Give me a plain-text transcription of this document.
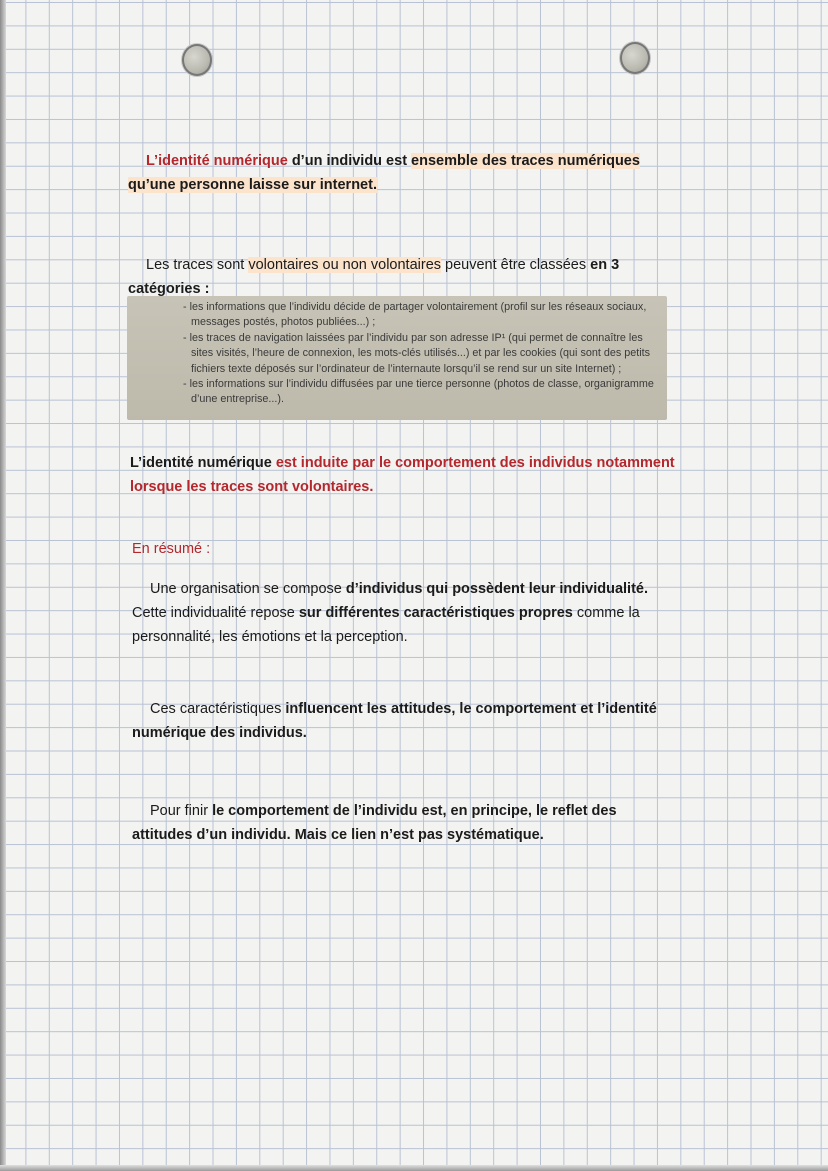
L’identité numérique d’un individu est ensemble des traces numériques qu’une personne laisse sur internet.

Les traces sont volontaires ou non volontaires peuvent être classées en 3 catégories :

- les informations que l’individu décide de partager volontairement (profil sur les réseaux sociaux, messages postés, photos publiées...) ;
- les traces de navigation laissées par l’individu par son adresse IP¹ (qui permet de connaître les sites visités, l’heure de connexion, les mots-clés utilisés...) et par les cookies (qui sont des petits fichiers texte déposés sur l’ordinateur de l’internaute lorsqu’il se rend sur un site Internet) ;
- les informations sur l’individu diffusées par une tierce personne (photos de classe, organigramme d’une entreprise...).

L’identité numérique est induite par le comportement des individus notamment lorsque les traces sont volontaires.

En résumé :

Une organisation se compose d’individus qui possèdent leur individualité. Cette individualité repose sur différentes caractéristiques propres comme la personnalité, les émotions et la perception.

Ces caractéristiques influencent les attitudes, le comportement et l’identité numérique des individus.

Pour finir le comportement de l’individu est, en principe, le reflet des attitudes d’un individu. Mais ce lien n’est pas systématique.
